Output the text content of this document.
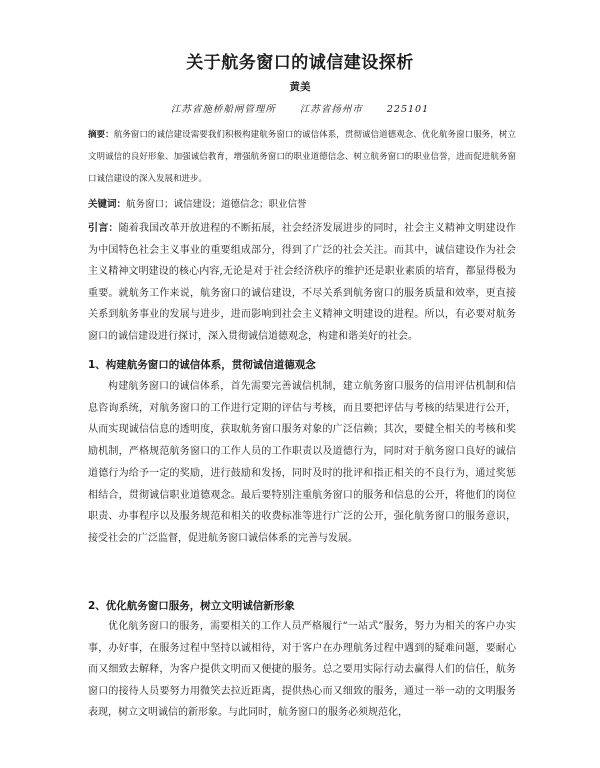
关于航务窗口的诚信建设探析
黄美
江苏省施桥船闸管理所	江苏省扬州市	225101
摘要：航务窗口的诚信建设需要我们积极构建航务窗口的诚信体系，贯彻诚信道德观念、优化航务窗口服务，树立文明诚信的良好形象、加强诚信教育，增强航务窗口的职业道德信念、树立航务窗口的职业信誉，进而促进航务窗口诚信建设的深入发展和进步。
关键词：航务窗口；诚信建设；道德信念；职业信誉
引言：随着我国改革开放进程的不断拓展，社会经济发展进步的同时，社会主义精神文明建设作为中国特色社会主义事业的重要组成部分，得到了广泛的社会关注。而其中，诚信建设作为社会主义精神文明建设的核心内容,无论是对于社会经济秩序的维护还是职业素质的培育，都显得极为重要。就航务工作来说，航务窗口的诚信建设，不尽关系到航务窗口的服务质量和效率，更直接关系到航务事业的发展与进步，进而影响到社会主义精神文明建设的进程。所以，有必要对航务窗口的诚信建设进行探讨，深入贯彻诚信道德观念，构建和谐美好的社会。
1、构建航务窗口的诚信体系，贯彻诚信道德观念
构建航务窗口的诚信体系，首先需要完善诚信机制，建立航务窗口服务的信用评估机制和信息咨询系统，对航务窗口的工作进行定期的评估与考核，而且要把评估与考核的结果进行公开，从而实现诚信信息的透明度，获取航务窗口服务对象的广泛信赖；其次，要健全相关的考核和奖励机制，严格规范航务窗口的工作人员的工作职责以及道德行为，同时对于航务窗口良好的诚信道德行为给予一定的奖励，进行鼓励和发扬，同时及时的批评和指正相关的不良行为，通过奖惩相结合，贯彻诚信职业道德观念。最后要特别注重航务窗口的服务和信息的公开，将他们的岗位职责、办事程序以及服务规范和相关的收费标准等进行广泛的公开，强化航务窗口的服务意识，接受社会的广泛监督，促进航务窗口诚信体系的完善与发展。
2、优化航务窗口服务，树立文明诚信新形象
优化航务窗口的服务，需要相关的工作人员严格履行“一站式”服务，努力为相关的客户办实事，办好事，在服务过程中坚持以诚相待，对于客户在办理航务过程中遇到的疑难问题，要耐心而又细致去解释，为客户提供文明而又便捷的服务。总之要用实际行动去赢得人们的信任，航务窗口的接待人员要努力用微笑去拉近距离，提供热心而又细致的服务，通过一举一动的文明服务表现，树立文明诚信的新形象。与此同时，航务窗口的服务必须规范化，
